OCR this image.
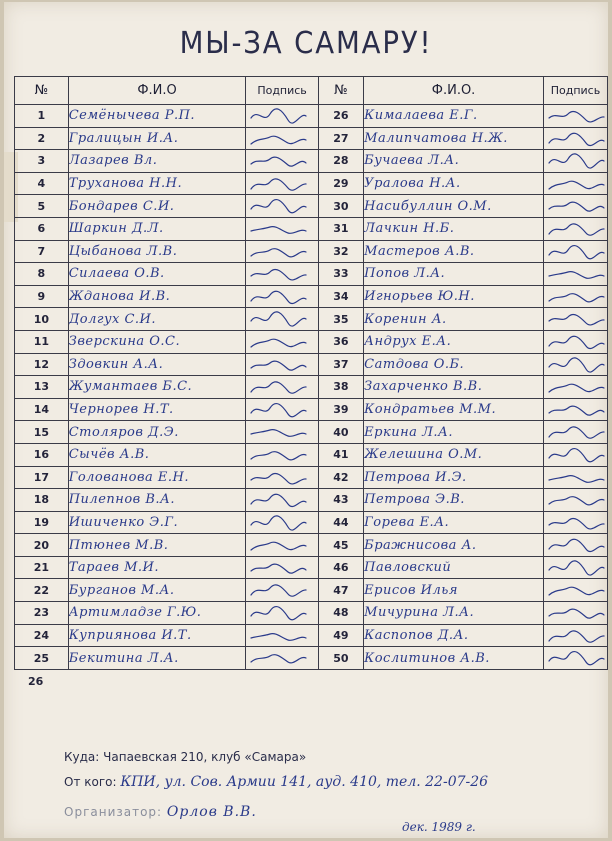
МЫ-ЗА САМАРУ!
№	Ф.И.О	Подпись	№	Ф.И.О.	Подпись
1	Семёнычева Р.П.		26	Кималаева Е.Г.	

2	Гралицын И.А.		27	Малипчатова Н.Ж.	

3	Лазарев Вл.		28	Бучаева Л.А.	

4	Труханова Н.Н.		29	Уралова Н.А.	

5	Бондарев С.И.		30	Насибуллин О.М.	

6	Шаркин Д.Л.		31	Лачкин Н.Б.	

7	Цыбанова Л.В.		32	Мастеров А.В.	

8	Силаева О.В.		33	Попов Л.А.	

9	Жданова И.В.		34	Игнорьев Ю.Н.	

10	Долгух С.И.		35	Коренин А.	

11	Зверскина О.С.		36	Андрух Е.А.	

12	Здовкин А.А.		37	Сатдова О.Б.	

13	Жумантаев Б.С.		38	Захарченко В.В.	

14	Чернорев Н.Т.		39	Кондратьев М.М.	

15	Столяров Д.Э.		40	Еркина Л.А.	

16	Сычёв А.В.		41	Желешина О.М.	

17	Голованова Е.Н.		42	Петрова И.Э.	

18	Пилепнов В.А.		43	Петрова Э.В.	

19	Ишиченко Э.Г.		44	Горева Е.А.	

20	Птюнев М.В.		45	Бражнисова А.	

21	Тараев М.И.		46	Павловский	

22	Бурганов М.А.		47	Ерисов Илья	

23	Артимладзе Г.Ю.		48	Мичурина Л.А.	

24	Куприянова И.Т.		49	Каспопов Д.А.	

25	Бекитина Л.А.		50	Кослитинов А.В.	
26
Куда: Чапаевская 210, клуб «Самара»
От кого: КПИ, ул. Сов. Армии 141, ауд. 410, тел. 22-07-26
Организатор: Орлов В.В.
дек. 1989 г.
